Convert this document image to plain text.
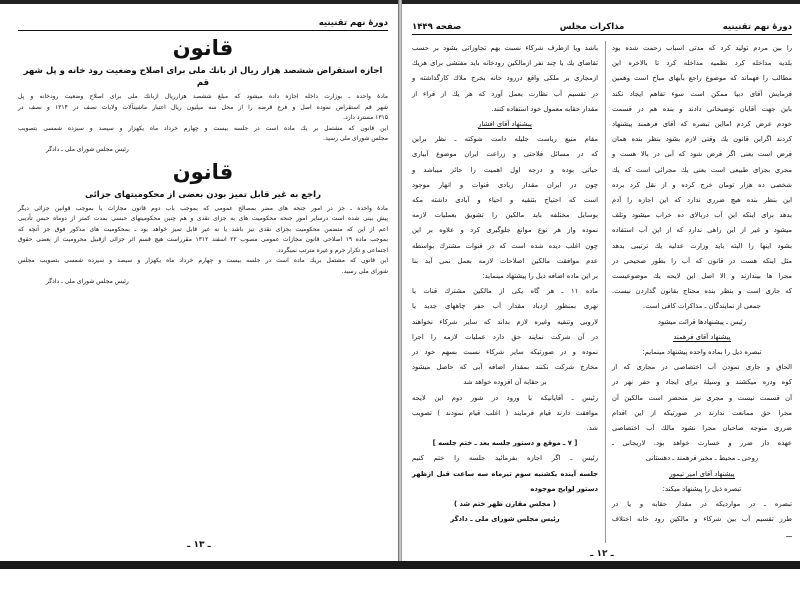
دورهٔ نهم تقنینیه
قانون
اجازه استقراض ششصد هزار ریال از بانك ملی برای اصلاح وضعیت رود خانه و پل شهر قم
مادهٔ واحده ـ بوزارت داخله اجازه داده میشود که مبلغ ششصد هزارریال ازبانك ملی برای اصلاح وضعیت رودخانه و پل
شهر قم استقراض نموده اصل و فرع قرضه را از محل سه میلیون ریال اعتبار ماشینآلات ولایات نصف در ۱۳۱۴ و نصف در
۱۳۱۵ مسترد دارد.
این قانون که مشتمل بر یك ماده است در جلسه بیست و چهارم خرداد ماه یکهزار و سیصد و سیزده شمسی بتصویب
مجلس شورای ملی رسید.
رئیس مجلس شورای ملی ـ دادگر
قانون
راجع به غیر قابل تمیز بودن بعضی از محکومیتهای جزائی
مادهٔ واحده ـ جز در امور جنحه های مضر بمصالح عمومی که بموجب باب دوم قانون مجازات یا بموجب قوانین جزائی دیگر
پیش بینی شده است درسایر امور جنحه محکومیت های به جزای نقدی و هم چنین محکومیتهای حبسی بمدت کمتر از دوماه حبس تأدیبی
اعم از این که متضمن محکومیت بجزای نقدی نیز باشد یا نه غیر قابل تمیز خواهد بود ـ بمحکومیت های مذکور فوق جز آنچه که
بموجب ماده ۱۹ اصلاحی قانون مجازات عمومی مصوب ۲۲ اسفند ۱۳۱۲ مقرراست هیچ قسم اثر جزائی ازقبیل محرومیت از بعضی حقوق
اجتماعی و تکرار جرم و غیره مترتب نمیگردد.
این قانون که مشتمل بریك ماده است در جلسه بیست و چهارم خرداد ماه یکهزار و سیصد و سیزده شمسی بتصویب مجلس
شورای ملی رسید.
رئیس مجلس شورای ملی ـ دادگر
ـ ۱۳ ـ
دورهٔ نهم تقنینیه
مذاکرات مجلس
صفحه ۱۴۴۹
را بین مردم تولید کرد که مدتی اسباب زحمت شده بود
بلدیه مداخله کرد نظمیه مداخله کرد تا بالاخره این
مطالب را فهماند که موضوع راجع بآبهای مباح است وهمین
فرمایش آقای دبیا ممکن است سوء تفاهم ایجاد نکند
باین جهت آقایان توضیحاتی دادند و بنده هم در قسمت
خودم عرض کردم امااین تبصره که آقای فرهمند پیشنهاد
کردند اگراین قانون یك وقتی لازم بشود بنظر بنده همان
فرض است یعنی اگر فرض شود که آبی در بالا هست و
مجری بجرای طبیعی است یعنی یك مجرائی است که یك
شخصی ده هزار تومان خرج کرده و از نقل کرد برده
این بنظر بنده هیچ ضرری ندارد که این اجازه را آدم
بدهد برای اینکه این آب دربالای ده خراب میشود وتلف
میشود و غیر از این راهی ندارد که از این آب استفاده
بشود اینها را البته باید وزارت عدلیه یك ترتیبی بدهد
مثل اینکه هست در قانون که آب را بطور صحیحی در
مجرا ها بیندازند و الا اصل این لایحه یك موضوعیست
که جاری است و بنظر بنده محتاج بقانون گذاردن نیست.
جمعی از نمایندگان ـ مذاکرات کافی است.
رئیس ـ پیشنهادها قرائت میشود
پیشنهاد آقای فرهمند
تبصره ذیل را بماده واحده پیشنهاد مینمایم:
الحاق و جاری نمودن آب اختصاصی در مجاری که از
کوه ودره میکشند و وسیلهٔ برای ایجاد و حفر نهر در
آن قسمت نیست و مجری نیز منحصر است مالکین آن
مجرا حق ممانعت ندارند در صورتیکه از این اقدام
ضرری متوجه صاحبان مجرا نشود مالك آب اختصاصی
عهده دار ضرر و خسارت خواهد بود. لاریجانی ـ
روحی ـ محیط ـ مخبر فرهمند ـ دهستانی
پیشنهاد آقای امیر تیمور
تبصره ذیل را پیشنهاد میکند:
تبصره ـ در مواردیکه در مقدار حقابه و یا در
طرز تقسیم آب بین شرکاء و مالکین رود خانه اختلاف
ـــ
باشد ویا ازطرف شرکاء نسبت بهم تجاوزاتی بشود بر حسب
تقاضای یك یا چند نفر ازمالکین رودخانه باید مفتشی برای هریك
ازمجاری بر ملکی واقع دررود خانه بخرج ملاك کارگذاشته و
در تقسیم آب نظارت بعمل آورد که هر یك از قراء از
مقدار حقابه معمول خود استفاده کنند.
پیشنهاد آقای افشار
مقام منیع ریاست جلیله دامت شوکته ـ نظر براین
که در مسائل فلاحتی و زراعت ایران موضوع آبیاری
حیاتی بوده و درجه اول اهمیت را حائز میباشد و
چون در ایران مقدار زیادی قنوات و انهار موجود
است که احتیاج بتنقیه و احیاء و آبادی داشته مکه
بوسایل مختلفه باید مالکین را تشویق بعملیات لازمه
نموده واز هر نوع موانع جلوگیری کرد و علاوه بر این
چون اغلب دیده شده است که در قنوات مشترك بواسطه
عدم موافقت مالکین اصلاحات لازمه بعمل نمی آید بنا
بر این ماده اضافه ذیل را پیشنهاد مینماید:
ماده ۱۱ ـ هر گاه یکی از مالکین مشترك قنات یا
نهری بمنظور ازدیاد مقدار آب حفر چاههای جدید یا
لاروبی وتنقیه وغیره لازم بداند که سایر شرکاء نخواهند
در آن شرکت نمایند حق دارد عملیات لازمه را اجرا
نموده و در صورتیکه سایر شرکاء نسبت بسهم خود در
مخارج شرکت نکنند بمقدار اضافه آبی که حاصل میشود
بر حقابه آن افزوده خواهد شد
رئیس ـ آقایانیکه با ورود در شور دوم این لایحه
موافقت دارند قیام فرمایند ( اغلب قیام نمودند ) تصویب
شد.
[ ۷ ـ موقع و دستور جلسه بعد ـ ختم جلسه ]
رئیس ـ اگر اجازه بفرمائید جلسه را ختم کنیم
جلسه آینده یکشنبه سوم تیرماه سه ساعت قبل ازظهر
دستور لوایح موجوده
( مجلس مقارن ظهر ختم شد )
رئیس مجلس شورای ملی ـ دادگر
ـ ۱۲ ـ
